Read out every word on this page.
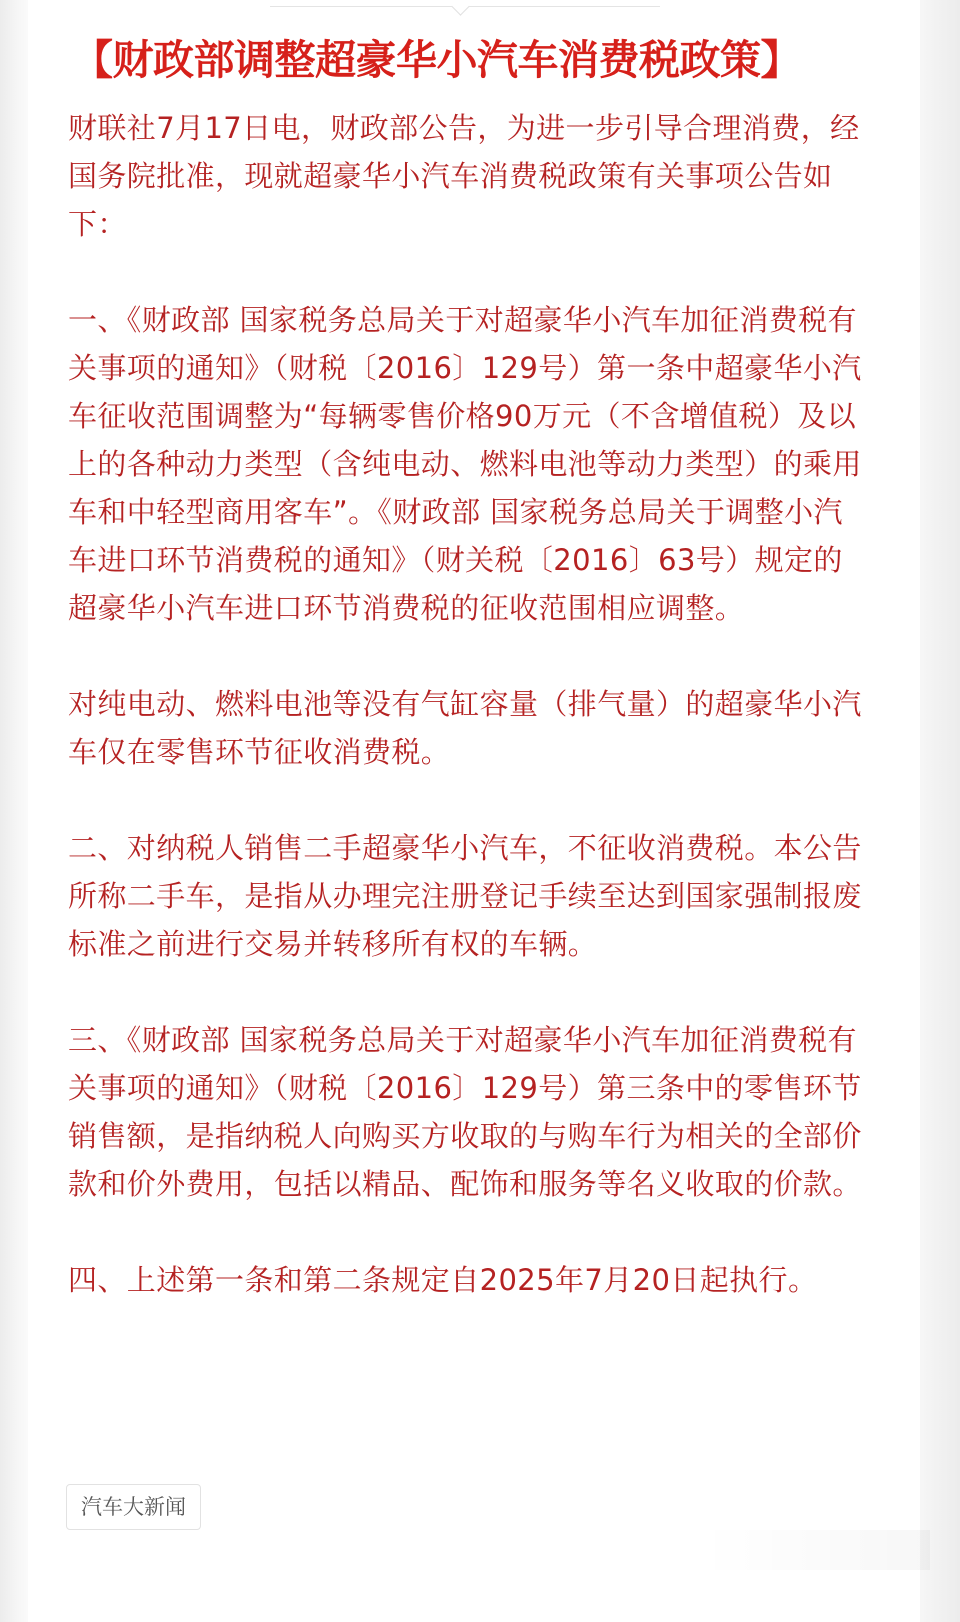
【财政部调整超豪华小汽车消费税政策】

财联社7月17日电，财政部公告，为进一步引导合理消费，经国务院批准，现就超豪华小汽车消费税政策有关事项公告如下：

一、《财政部 国家税务总局关于对超豪华小汽车加征消费税有关事项的通知》（财税〔2016〕129号）第一条中超豪华小汽车征收范围调整为“每辆零售价格90万元（不含增值税）及以上的各种动力类型（含纯电动、燃料电池等动力类型）的乘用车和中轻型商用客车”。《财政部 国家税务总局关于调整小汽车进口环节消费税的通知》（财关税〔2016〕63号）规定的超豪华小汽车进口环节消费税的征收范围相应调整。

对纯电动、燃料电池等没有气缸容量（排气量）的超豪华小汽车仅在零售环节征收消费税。

二、对纳税人销售二手超豪华小汽车，不征收消费税。本公告所称二手车，是指从办理完注册登记手续至达到国家强制报废标准之前进行交易并转移所有权的车辆。

三、《财政部 国家税务总局关于对超豪华小汽车加征消费税有关事项的通知》（财税〔2016〕129号）第三条中的零售环节销售额，是指纳税人向购买方收取的与购车行为相关的全部价款和价外费用，包括以精品、配饰和服务等名义收取的价款。

四、上述第一条和第二条规定自2025年7月20日起执行。

汽车大新闻
